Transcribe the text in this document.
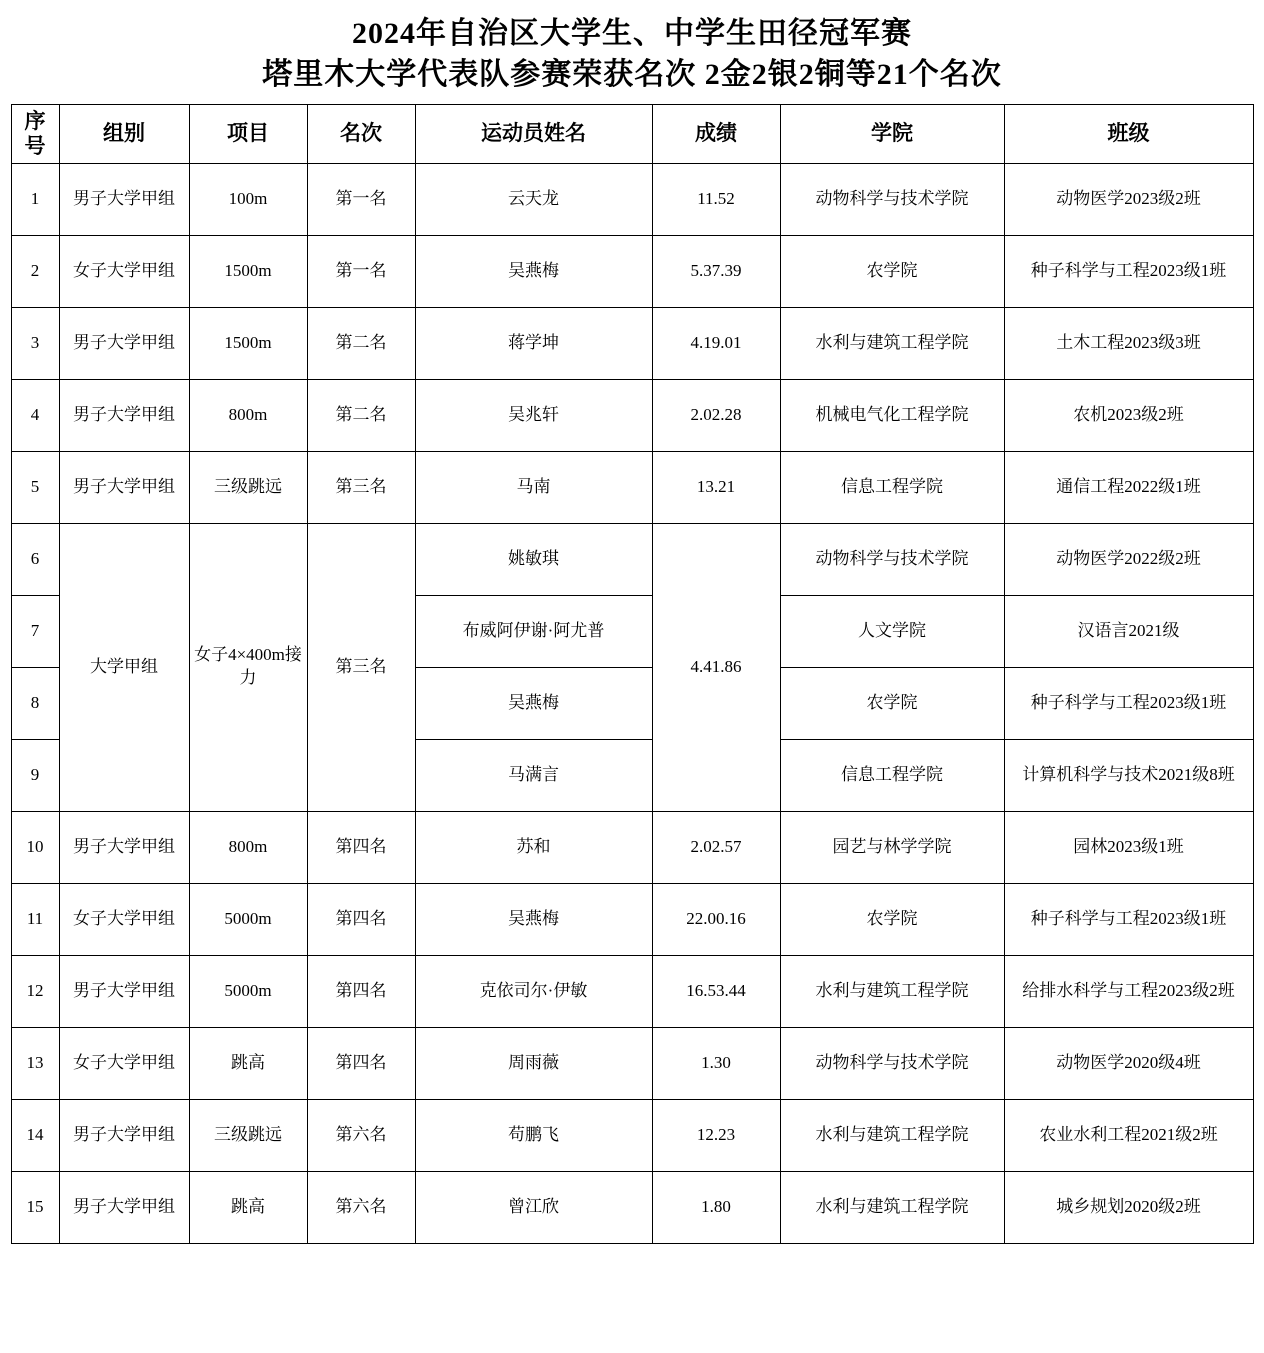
2024年自治区大学生、中学生田径冠军赛
塔里木大学代表队参赛荣获名次 2金2银2铜等21个名次
序
号	组别	项目	名次	运动员姓名	成绩	学院	班级
1	男子大学甲组	100m	第一名	云天龙	11.52	动物科学与技术学院	动物医学2023级2班
2	女子大学甲组	1500m	第一名	吴燕梅	5.37.39	农学院	种子科学与工程2023级1班
3	男子大学甲组	1500m	第二名	蒋学坤	4.19.01	水利与建筑工程学院	土木工程2023级3班
4	男子大学甲组	800m	第二名	吴兆轩	2.02.28	机械电气化工程学院	农机2023级2班
5	男子大学甲组	三级跳远	第三名	马南	13.21	信息工程学院	通信工程2022级1班
6	大学甲组	女子4×400m接力	第三名	姚敏琪	4.41.86	动物科学与技术学院	动物医学2022级2班
7				布威阿伊谢·阿尤普		人文学院	汉语言2021级
8				吴燕梅		农学院	种子科学与工程2023级1班
9				马满言		信息工程学院	计算机科学与技术2021级8班
10	男子大学甲组	800m	第四名	苏和	2.02.57	园艺与林学学院	园林2023级1班
11	女子大学甲组	5000m	第四名	吴燕梅	22.00.16	农学院	种子科学与工程2023级1班
12	男子大学甲组	5000m	第四名	克依司尔·伊敏	16.53.44	水利与建筑工程学院	给排水科学与工程2023级2班
13	女子大学甲组	跳高	第四名	周雨薇	1.30	动物科学与技术学院	动物医学2020级4班
14	男子大学甲组	三级跳远	第六名	苟鹏飞	12.23	水利与建筑工程学院	农业水利工程2021级2班
15	男子大学甲组	跳高	第六名	曾江欣	1.80	水利与建筑工程学院	城乡规划2020级2班
